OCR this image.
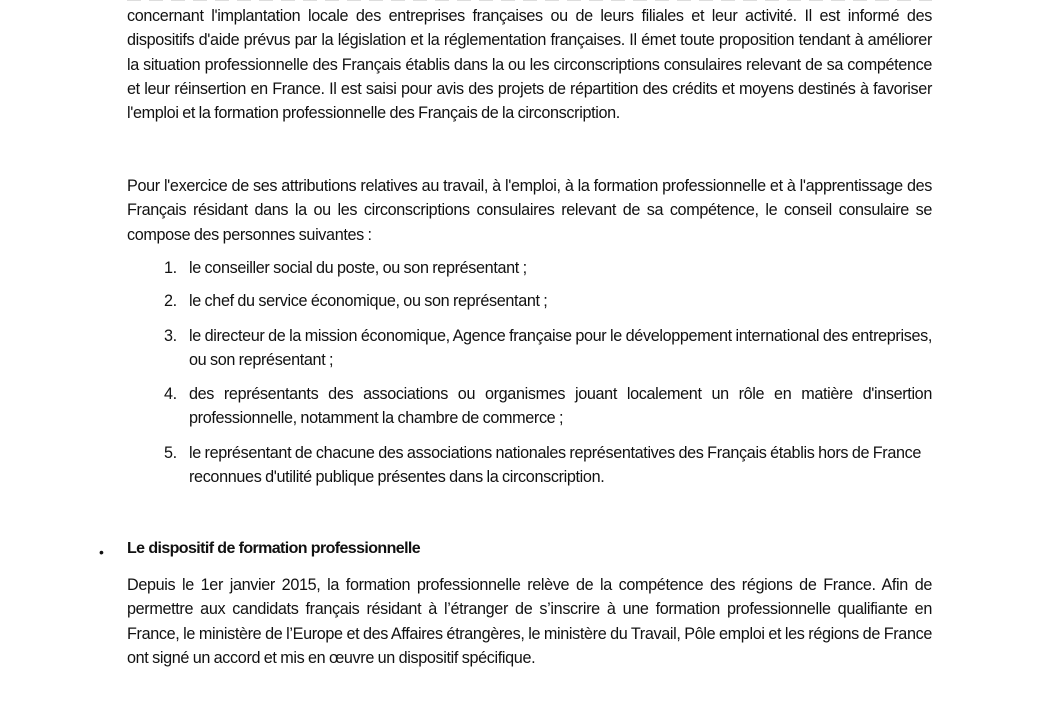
concernant l'implantation locale des entreprises françaises ou de leurs filiales et leur activité. Il est informé des dispositifs d'aide prévus par la législation et la réglementation françaises. Il émet toute proposition tendant à améliorer la situation professionnelle des Français établis dans la ou les circonscriptions consulaires relevant de sa compétence et leur réinsertion en France. Il est saisi pour avis des projets de répartition des crédits et moyens destinés à favoriser l'emploi et la formation professionnelle des Français de la circonscription.
Pour l'exercice de ses attributions relatives au travail, à l'emploi, à la formation professionnelle et à l'apprentissage des Français résidant dans la ou les circonscriptions consulaires relevant de sa compétence, le conseil consulaire se compose des personnes suivantes :
1. le conseiller social du poste, ou son représentant ;
2. le chef du service économique, ou son représentant ;
3. le directeur de la mission économique, Agence française pour le développement international des entreprises, ou son représentant ;
4. des représentants des associations ou organismes jouant localement un rôle en matière d'insertion professionnelle, notamment la chambre de commerce ;
5. le représentant de chacune des associations nationales représentatives des Français établis hors de France reconnues d'utilité publique présentes dans la circonscription.
• Le dispositif de formation professionnelle
Depuis le 1er janvier 2015, la formation professionnelle relève de la compétence des régions de France. Afin de permettre aux candidats français résidant à l’étranger de s’inscrire à une formation professionnelle qualifiante en France, le ministère de l’Europe et des Affaires étrangères, le ministère du Travail, Pôle emploi et les régions de France ont signé un accord et mis en œuvre un dispositif spécifique.
